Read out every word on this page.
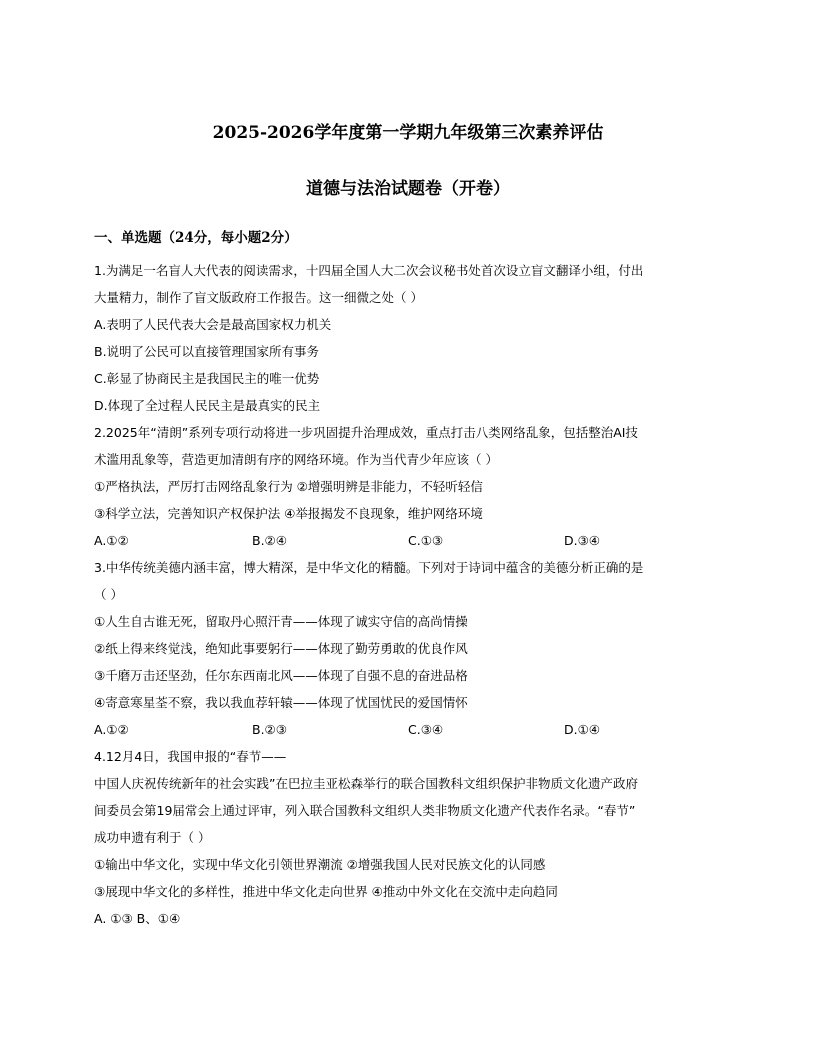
2025-2026学年度第一学期九年级第三次素养评估
道德与法治试题卷（开卷）
一、单选题（24分，每小题2分）
1.为满足一名盲人大代表的阅读需求，十四届全国人大二次会议秘书处首次设立盲文翻译小组，付出
大量精力，制作了盲文版政府工作报告。这一细微之处（ ）
A.表明了人民代表大会是最高国家权力机关
B.说明了公民可以直接管理国家所有事务
C.彰显了协商民主是我国民主的唯一优势
D.体现了全过程人民民主是最真实的民主
2.2025年“清朗”系列专项行动将进一步巩固提升治理成效，重点打击八类网络乱象，包括整治AI技
术滥用乱象等，营造更加清朗有序的网络环境。作为当代青少年应该（ ）
①严格执法，严厉打击网络乱象行为 ②增强明辨是非能力，不轻听轻信
③科学立法，完善知识产权保护法 ④举报揭发不良现象，维护网络环境
A.①②	B.②④	C.①③	D.③④
3.中华传统美德内涵丰富，博大精深，是中华文化的精髓。下列对于诗词中蕴含的美德分析正确的是
（ ）
①人生自古谁无死，留取丹心照汗青——体现了诚实守信的高尚情操
②纸上得来终觉浅，绝知此事要躬行——体现了勤劳勇敢的优良作风
③千磨万击还坚劲，任尔东西南北风——体现了自强不息的奋进品格
④寄意寒星荃不察，我以我血荐轩辕——体现了忧国忧民的爱国情怀
A.①②	B.②③	C.③④	D.①④
4.12月4日，我国申报的“春节——
中国人庆祝传统新年的社会实践”在巴拉圭亚松森举行的联合国教科文组织保护非物质文化遗产政府
间委员会第19届常会上通过评审，列入联合国教科文组织人类非物质文化遗产代表作名录。“春节”
成功申遗有利于（ ）
①输出中华文化，实现中华文化引领世界潮流 ②增强我国人民对民族文化的认同感
③展现中华文化的多样性，推进中华文化走向世界 ④推动中外文化在交流中走向趋同
A. ①③ B、①④
